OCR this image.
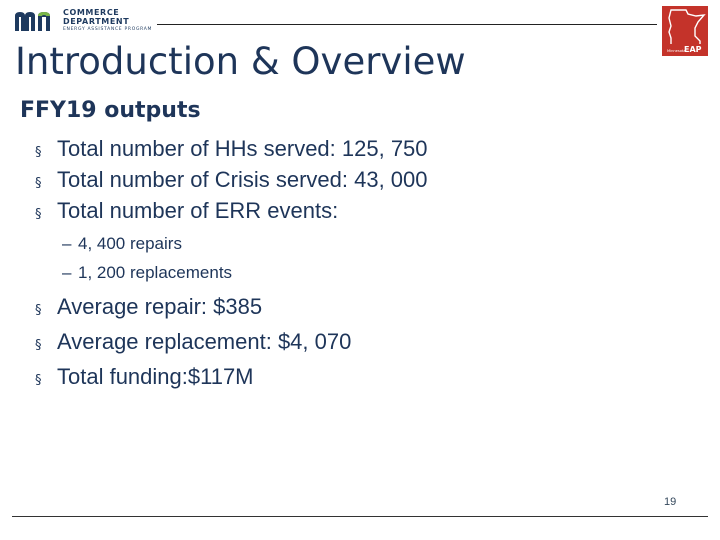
COMMERCE
DEPARTMENT
ENERGY ASSISTANCE PROGRAM
Minnesota
EAP
Introduction & Overview
FFY19 outputs
§ Total number of HHs served: 125, 750
§ Total number of Crisis served: 43, 000
§ Total number of ERR events:
– 4, 400 repairs
– 1, 200 replacements
§ Average repair: $385
§ Average replacement: $4, 070
§ Total funding:$117M
19
